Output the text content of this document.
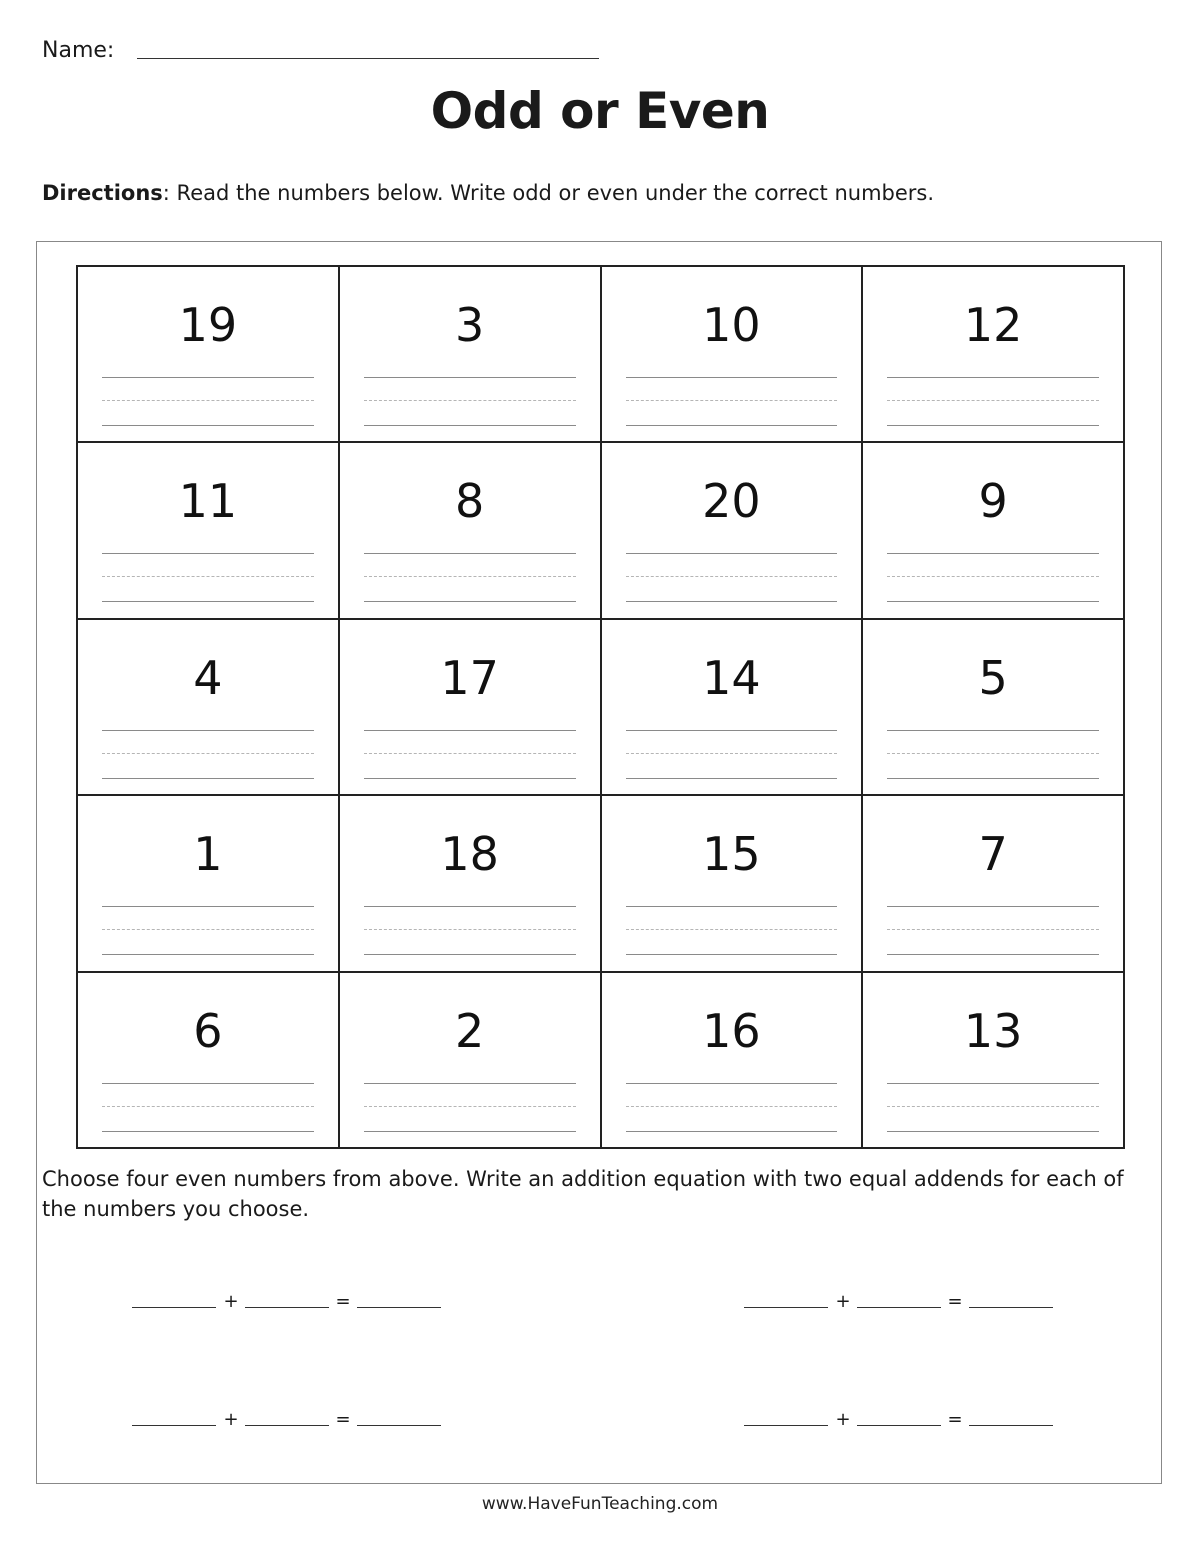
Name:
Odd or Even
Directions: Read the numbers below. Write odd or even under the correct numbers.
19	3	10	12
11	8	20	9
4	17	14	5
1	18	15	7
6	2	16	13
Choose four even numbers from above. Write an addition equation with two equal addends for each of the numbers you choose.
+	=	+	=
+	=	+	=
www.HaveFunTeaching.com
